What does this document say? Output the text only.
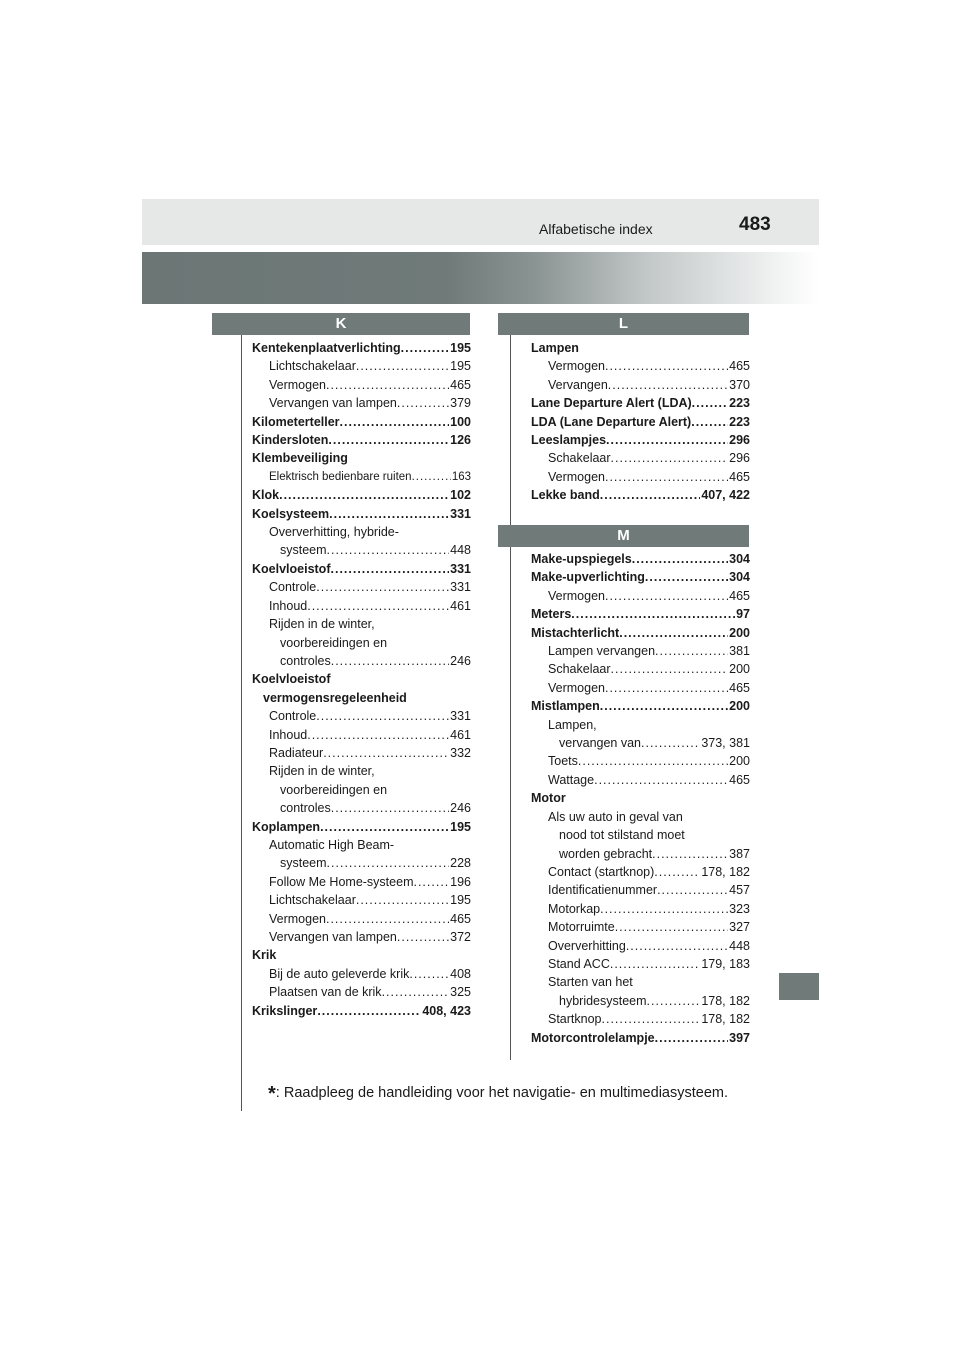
Alfabetische index	483
K	L
M
Kentekenplaatverlichting .....	195
Lichtschakelaar .....	195
Vermogen .....	465
Vervangen van lampen .....	379
Kilometerteller .....	100
Kindersloten .....	126
Klembeveiliging
Elektrisch bedienbare ruiten .....	163
Klok .....	102
Koelsysteem .....	331
Oververhitting, hybride-
systeem .....	448
Koelvloeistof .....	331
Controle .....	331
Inhoud .....	461
Rijden in de winter,
voorbereidingen en
controles .....	246
Koelvloeistof
vermogensregeleenheid
Controle .....	331
Inhoud .....	461
Radiateur .....	332
Rijden in de winter,
voorbereidingen en
controles .....	246
Koplampen .....	195
Automatic High Beam-
systeem .....	228
Follow Me Home-systeem .....	196
Lichtschakelaar .....	195
Vermogen .....	465
Vervangen van lampen .....	372
Krik
Bij de auto geleverde krik .....	408
Plaatsen van de krik .....	325
Krikslinger .....	408, 423
Lampen
Vermogen .....	465
Vervangen .....	370
Lane Departure Alert (LDA) .....	223
LDA (Lane Departure Alert) .....	223
Leeslampjes .....	296
Schakelaar .....	296
Vermogen .....	465
Lekke band .....	407, 422
Make-upspiegels .....	304
Make-upverlichting .....	304
Vermogen .....	465
Meters .....	97
Mistachterlicht .....	200
Lampen vervangen .....	381
Schakelaar .....	200
Vermogen .....	465
Mistlampen .....	200
Lampen,
vervangen van .....	373, 381
Toets .....	200
Wattage .....	465
Motor
Als uw auto in geval van
nood tot stilstand moet
worden gebracht .....	387
Contact (startknop) .....	178, 182
Identificatienummer .....	457
Motorkap .....	323
Motorruimte .....	327
Oververhitting .....	448
Stand ACC .....	179, 183
Starten van het
hybridesysteem .....	178, 182
Startknop .....	178, 182
Motorcontrolelampje .....	397
*: Raadpleeg de handleiding voor het navigatie- en multimediasysteem.
